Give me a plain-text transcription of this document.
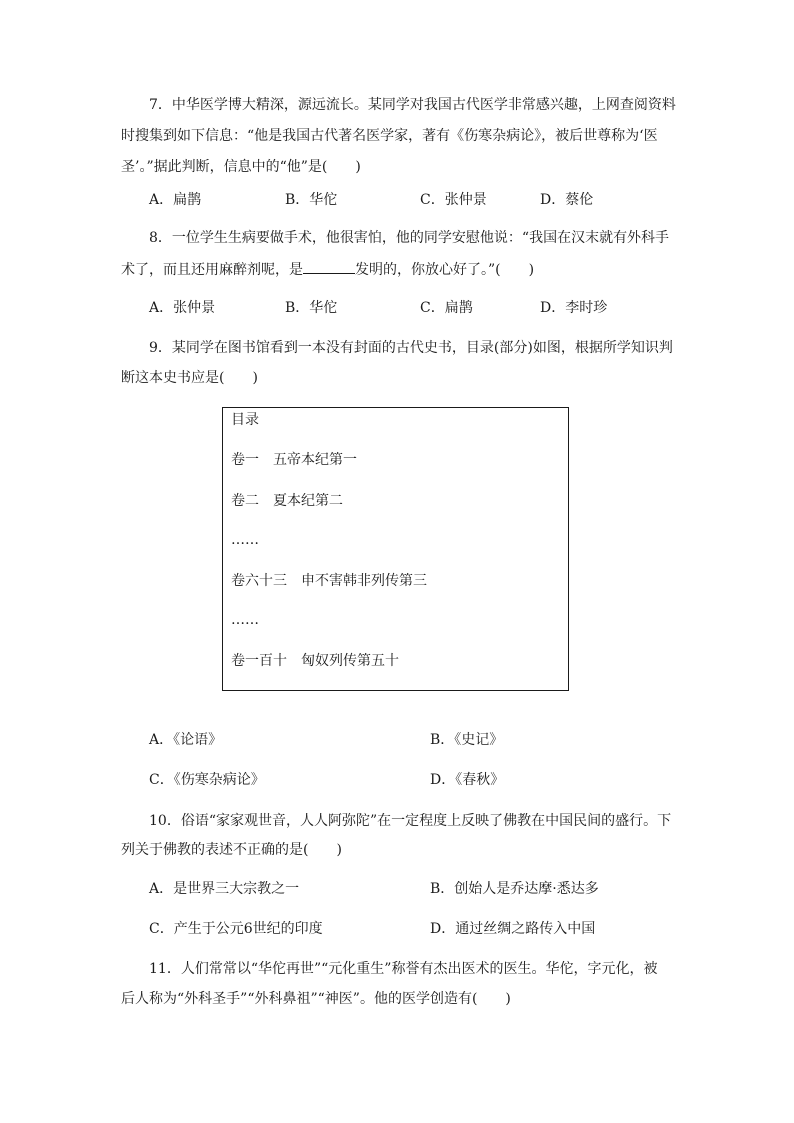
7．中华医学博大精深，源远流长。某同学对我国古代医学非常感兴趣，上网查阅资料
时搜集到如下信息：“他是我国古代著名医学家，著有《伤寒杂病论》，被后世尊称为‘医
圣’。”据此判断，信息中的“他”是(　　)
A．扁鹊	B．华佗	C．张仲景	D．蔡伦
8．一位学生生病要做手术，他很害怕，他的同学安慰他说：“我国在汉末就有外科手
术了，而且还用麻醉剂呢，是	发明的，你放心好了。”(　　)
A．张仲景	B．华佗	C．扁鹊	D．李时珍
9．某同学在图书馆看到一本没有封面的古代史书，目录(部分)如图，根据所学知识判
断这本史书应是(　　)
目录
卷一　五帝本纪第一
卷二　夏本纪第二
……
卷六十三　申不害韩非列传第三
……
卷一百十　匈奴列传第五十
A．《论语》	B．《史记》
C．《伤寒杂病论》	D．《春秋》
10．俗语“家家观世音，人人阿弥陀”在一定程度上反映了佛教在中国民间的盛行。下
列关于佛教的表述不正确的是(　　)
A．是世界三大宗教之一	B．创始人是乔达摩·悉达多
C．产生于公元6世纪的印度	D．通过丝绸之路传入中国
11．人们常常以“华佗再世”“元化重生”称誉有杰出医术的医生。华佗，字元化，被
后人称为“外科圣手”“外科鼻祖”“神医”。他的医学创造有(　　)
